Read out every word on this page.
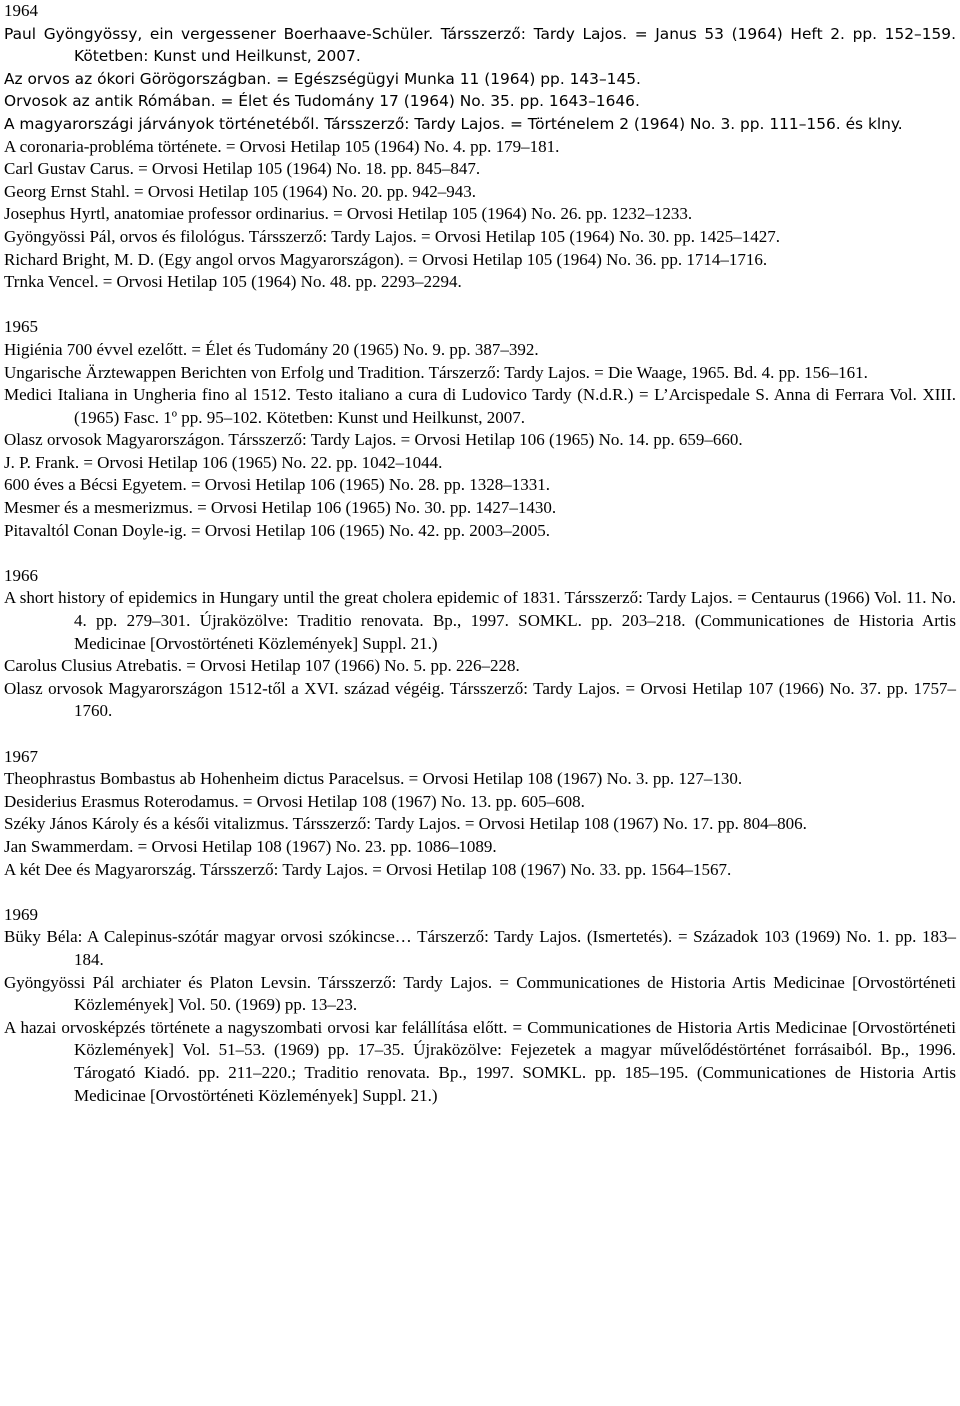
1964

Paul Gyöngyössy, ein vergessener Boerhaave-Schüler. Társszerző: Tardy Lajos. = Janus 53 (1964) Heft 2. pp. 152–159. Kötetben: Kunst und Heilkunst, 2007.

Az orvos az ókori Görögországban. = Egészségügyi Munka 11 (1964) pp. 143–145.

Orvosok az antik Rómában. = Élet és Tudomány 17 (1964) No. 35. pp. 1643–1646.

A magyarországi járványok történetéből. Társszerző: Tardy Lajos. = Történelem 2 (1964) No. 3. pp. 111–156. és klny.

A coronaria-probléma története. = Orvosi Hetilap 105 (1964) No. 4. pp. 179–181.

Carl Gustav Carus. = Orvosi Hetilap 105 (1964) No. 18. pp. 845–847.

Georg Ernst Stahl. = Orvosi Hetilap 105 (1964) No. 20. pp. 942–943.

Josephus Hyrtl, anatomiae professor ordinarius. = Orvosi Hetilap 105 (1964) No. 26. pp. 1232–1233.

Gyöngyössi Pál, orvos és filológus. Társszerző: Tardy Lajos. = Orvosi Hetilap 105 (1964) No. 30. pp. 1425–1427.

Richard Bright, M. D. (Egy angol orvos Magyarországon). = Orvosi Hetilap 105 (1964) No. 36. pp. 1714–1716.

Trnka Vencel. = Orvosi Hetilap 105 (1964) No. 48. pp. 2293–2294.

1965

Higiénia 700 évvel ezelőtt. = Élet és Tudomány 20 (1965) No. 9. pp. 387–392.

Ungarische Ärztewappen Berichten von Erfolg und Tradition. Társzerző: Tardy Lajos. = Die Waage, 1965. Bd. 4. pp. 156–161.

Medici Italiana in Ungheria fino al 1512. Testo italiano a cura di Ludovico Tardy (N.d.R.) = L’Arcispedale S. Anna di Ferrara Vol. XIII. (1965) Fasc. 1º pp. 95–102. Kötetben: Kunst und Heilkunst, 2007.

Olasz orvosok Magyarországon. Társszerző: Tardy Lajos. = Orvosi Hetilap 106 (1965) No. 14. pp. 659–660.

J. P. Frank. = Orvosi Hetilap 106 (1965) No. 22. pp. 1042–1044.

600 éves a Bécsi Egyetem. = Orvosi Hetilap 106 (1965) No. 28. pp. 1328–1331.

Mesmer és a mesmerizmus. = Orvosi Hetilap 106 (1965) No. 30. pp. 1427–1430.

Pitavaltól Conan Doyle-ig. = Orvosi Hetilap 106 (1965) No. 42. pp. 2003–2005.

1966

A short history of epidemics in Hungary until the great cholera epidemic of 1831. Társszerző: Tardy Lajos. = Centaurus (1966) Vol. 11. No. 4. pp. 279–301. Újraközölve: Traditio renovata. Bp., 1997. SOMKL. pp. 203–218. (Communicationes de Historia Artis Medicinae [Orvostörténeti Közlemények] Suppl. 21.)

Carolus Clusius Atrebatis. = Orvosi Hetilap 107 (1966) No. 5. pp. 226–228.

Olasz orvosok Magyarországon 1512-től a XVI. század végéig. Társszerző: Tardy Lajos. = Orvosi Hetilap 107 (1966) No. 37. pp. 1757–1760.

1967

Theophrastus Bombastus ab Hohenheim dictus Paracelsus. = Orvosi Hetilap 108 (1967) No. 3. pp. 127–130.

Desiderius Erasmus Roterodamus. = Orvosi Hetilap 108 (1967) No. 13. pp. 605–608.

Széky János Károly és a késői vitalizmus. Társszerző: Tardy Lajos. = Orvosi Hetilap 108 (1967) No. 17. pp. 804–806.

Jan Swammerdam. = Orvosi Hetilap 108 (1967) No. 23. pp. 1086–1089.

A két Dee és Magyarország. Társszerző: Tardy Lajos. = Orvosi Hetilap 108 (1967) No. 33. pp. 1564–1567.

1969

Büky Béla: A Calepinus-szótár magyar orvosi szókincse… Társzerző: Tardy Lajos. (Ismertetés). = Századok 103 (1969) No. 1. pp. 183–184.

Gyöngyössi Pál archiater és Platon Levsin. Társszerző: Tardy Lajos. = Communicationes de Historia Artis Medicinae [Orvostörténeti Közlemények] Vol. 50. (1969) pp. 13–23.

A hazai orvosképzés története a nagyszombati orvosi kar felállítása előtt. = Communicationes de Historia Artis Medicinae [Orvostörténeti Közlemények] Vol. 51–53. (1969) pp. 17–35. Újraközölve: Fejezetek a magyar művelődéstörténet forrásaiból. Bp., 1996. Tárogató Kiadó. pp. 211–220.; Traditio renovata. Bp., 1997. SOMKL. pp. 185–195. (Communicationes de Historia Artis Medicinae [Orvostörténeti Közlemények] Suppl. 21.)
